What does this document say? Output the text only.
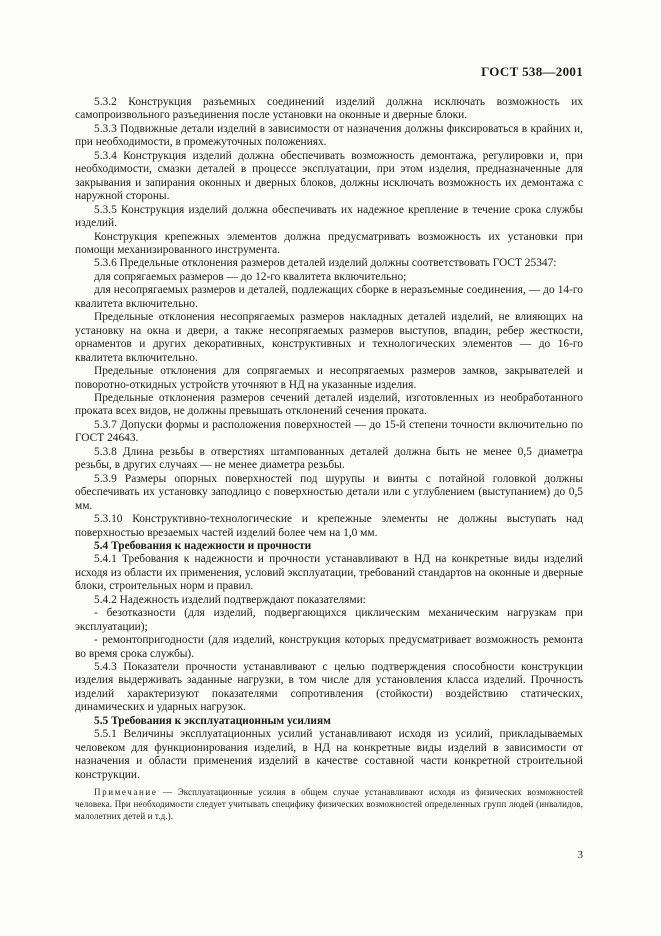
ГОСТ 538—2001

5.3.2 Конструкция разъемных соединений изделий должна исключать возможность их самопроизвольного разъединения после установки на оконные и дверные блоки.

5.3.3 Подвижные детали изделий в зависимости от назначения должны фиксироваться в крайних и, при необходимости, в промежуточных положениях.

5.3.4 Конструкция изделий должна обеспечивать возможность демонтажа, регулировки и, при необходимости, смазки деталей в процессе эксплуатации, при этом изделия, предназначенные для закрывания и запирания оконных и дверных блоков, должны исключать возможность их демонтажа с наружной стороны.

5.3.5 Конструкция изделий должна обеспечивать их надежное крепление в течение срока службы изделий.

Конструкция крепежных элементов должна предусматривать возможность их установки при помощи механизированного инструмента.

5.3.6 Предельные отклонения размеров деталей изделий должны соответствовать ГОСТ 25347:

для сопрягаемых размеров — до 12-го квалитета включительно;

для несопрягаемых размеров и деталей, подлежащих сборке в неразъемные соединения, — до 14-го квалитета включительно.

Предельные отклонения несопрягаемых размеров накладных деталей изделий, не влияющих на установку на окна и двери, а также несопрягаемых размеров выступов, впадин, ребер жесткости, орнаментов и других декоративных, конструктивных и технологических элементов — до 16-го квалитета включительно.

Предельные отклонения для сопрягаемых и несопрягаемых размеров замков, закрывателей и поворотно-откидных устройств уточняют в НД на указанные изделия.

Предельные отклонения размеров сечений деталей изделий, изготовленных из необработанного проката всех видов, не должны превышать отклонений сечения проката.

5.3.7 Допуски формы и расположения поверхностей — до 15-й степени точности включительно по ГОСТ 24643.

5.3.8 Длина резьбы в отверстиях штампованных деталей должна быть не менее 0,5 диаметра резьбы, в других случаях — не менее диаметра резьбы.

5.3.9 Размеры опорных поверхностей под шурупы и винты с потайной головкой должны обеспечивать их установку заподлицо с поверхностью детали или с углублением (выступанием) до 0,5 мм.

5.3.10 Конструктивно-технологические и крепежные элементы не должны выступать над поверхностью врезаемых частей изделий более чем на 1,0 мм.

5.4 Требования к надежности и прочности

5.4.1 Требования к надежности и прочности устанавливают в НД на конкретные виды изделий исходя из области их применения, условий эксплуатации, требований стандартов на оконные и дверные блоки, строительных норм и правил.

5.4.2 Надежность изделий подтверждают показателями:

- безотказности (для изделий, подвергающихся циклическим механическим нагрузкам при эксплуатации);

- ремонтопригодности (для изделий, конструкция которых предусматривает возможность ремонта во время срока службы).

5.4.3 Показатели прочности устанавливают с целью подтверждения способности конструкции изделия выдерживать заданные нагрузки, в том числе для установления класса изделий. Прочность изделий характеризуют показателями сопротивления (стойкости) воздействию статических, динамических и ударных нагрузок.

5.5 Требования к эксплуатационным усилиям

5.5.1 Величины эксплуатационных усилий устанавливают исходя из усилий, прикладываемых человеком для функционирования изделий, в НД на конкретные виды изделий в зависимости от назначения и области применения изделий в качестве составной части конкретной строительной конструкции.

Примечание — Эксплуатационные усилия в общем случае устанавливают исходя из физических возможностей человека. При необходимости следует учитывать специфику физических возможностей определенных групп людей (инвалидов, малолетних детей и т.д.).

3
